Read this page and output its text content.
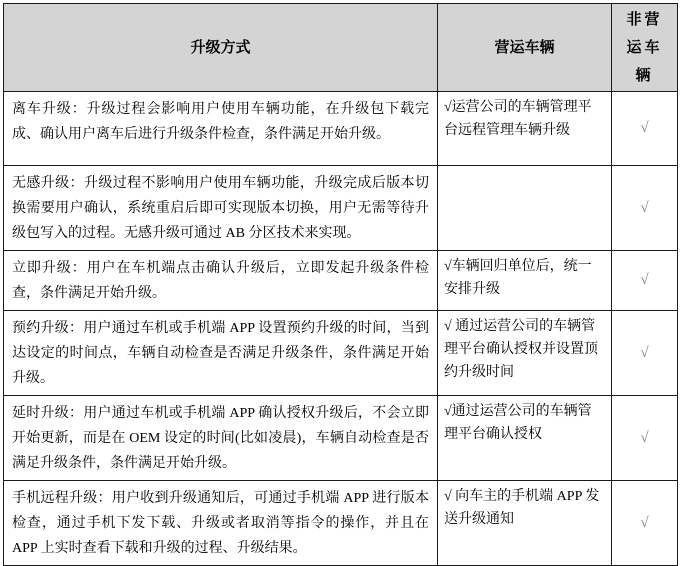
升级方式	营运车辆	非营运车辆
离车升级：升级过程会影响用户使用车辆功能，在升级包下载完成、确认用户离车后进行升级条件检查，条件满足开始升级。	√运营公司的车辆管理平台远程管理车辆升级	√
无感升级：升级过程不影响用户使用车辆功能，升级完成后版本切换需要用户确认，系统重启后即可实现版本切换，用户无需等待升级包写入的过程。无感升级可通过 AB 分区技术来实现。		√
立即升级：用户在车机端点击确认升级后，立即发起升级条件检查，条件满足开始升级。	√车辆回归单位后，统一安排升级	√
预约升级：用户通过车机或手机端 APP 设置预约升级的时间，当到达设定的时间点，车辆自动检查是否满足升级条件，条件满足开始升级。	√ 通过运营公司的车辆管理平台确认授权并设置顶约升级时间	√
延时升级：用户通过车机或手机端 APP 确认授权升级后，不会立即开始更新，而是在 OEM 设定的时间(比如凌晨)，车辆自动检查是否满足升级条件，条件满足开始升级。	√通过运营公司的车辆管理平台确认授权	√
手机远程升级：用户收到升级通知后，可通过手机端 APP 进行版本检查，通过手机下发下载、升级或者取消等指令的操作，并且在 APP 上实时查看下载和升级的过程、升级结果。	√ 向车主的手机端 APP 发送升级通知	√
